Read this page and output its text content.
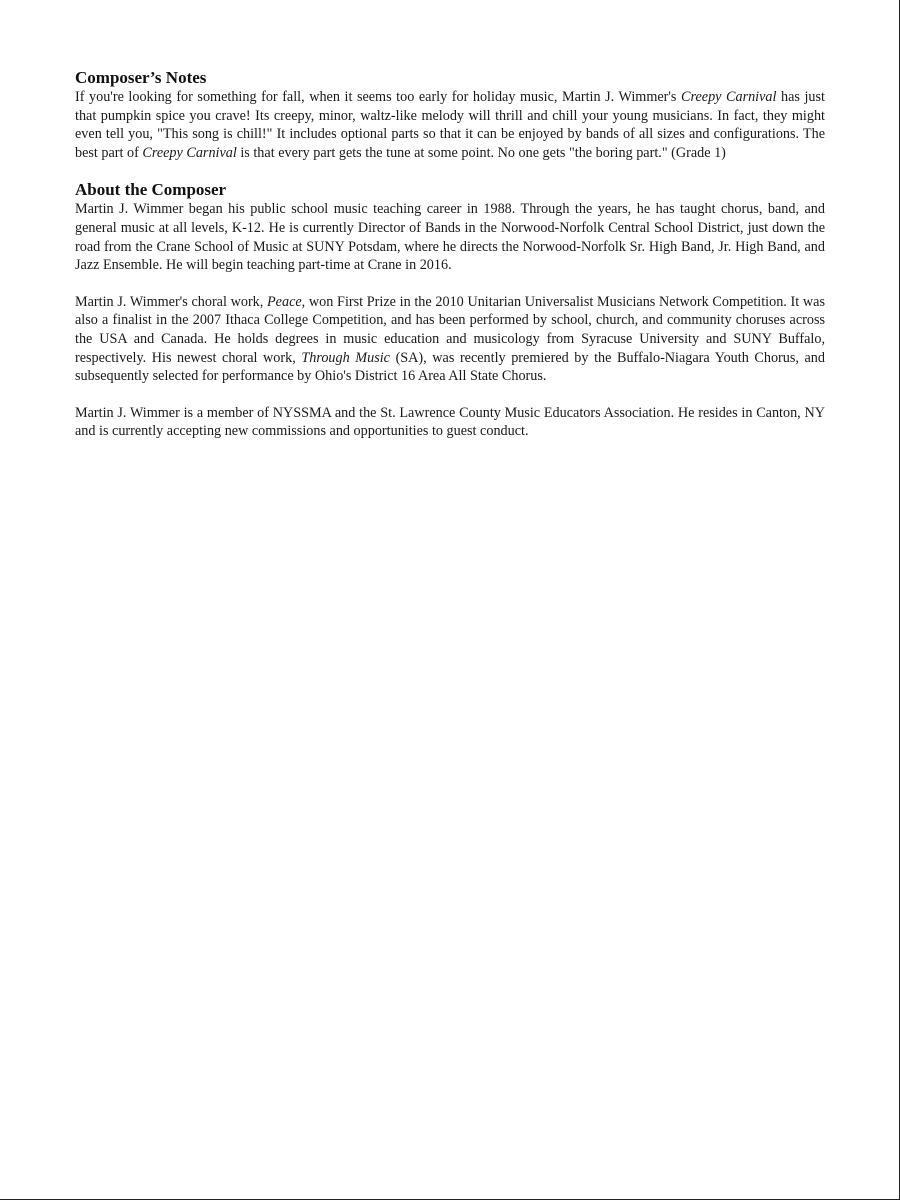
Composer’s Notes

If you're looking for something for fall, when it seems too early for holiday music, Martin J. Wimmer's Creepy Carnival has just that pumpkin spice you crave! Its creepy, minor, waltz-like melody will thrill and chill your young musicians. In fact, they might even tell you, "This song is chill!" It includes optional parts so that it can be enjoyed by bands of all sizes and configurations. The best part of Creepy Carnival is that every part gets the tune at some point. No one gets "the boring part." (Grade 1)

About the Composer

Martin J. Wimmer began his public school music teaching career in 1988. Through the years, he has taught chorus, band, and general music at all levels, K-12. He is currently Director of Bands in the Norwood-Norfolk Central School District, just down the road from the Crane School of Music at SUNY Potsdam, where he directs the Norwood-Norfolk Sr. High Band, Jr. High Band, and Jazz Ensemble. He will begin teaching part-time at Crane in 2016.

Martin J. Wimmer's choral work, Peace, won First Prize in the 2010 Unitarian Universalist Musicians Network Competition. It was also a finalist in the 2007 Ithaca College Competition, and has been performed by school, church, and community choruses across the USA and Canada. He holds degrees in music education and musicology from Syracuse University and SUNY Buffalo, respectively. His newest choral work, Through Music (SA), was recently premiered by the Buffalo-Niagara Youth Chorus, and subsequently selected for performance by Ohio's District 16 Area All State Chorus.

Martin J. Wimmer is a member of NYSSMA and the St. Lawrence County Music Educators Association. He resides in Canton, NY and is currently accepting new commissions and opportunities to guest conduct.
